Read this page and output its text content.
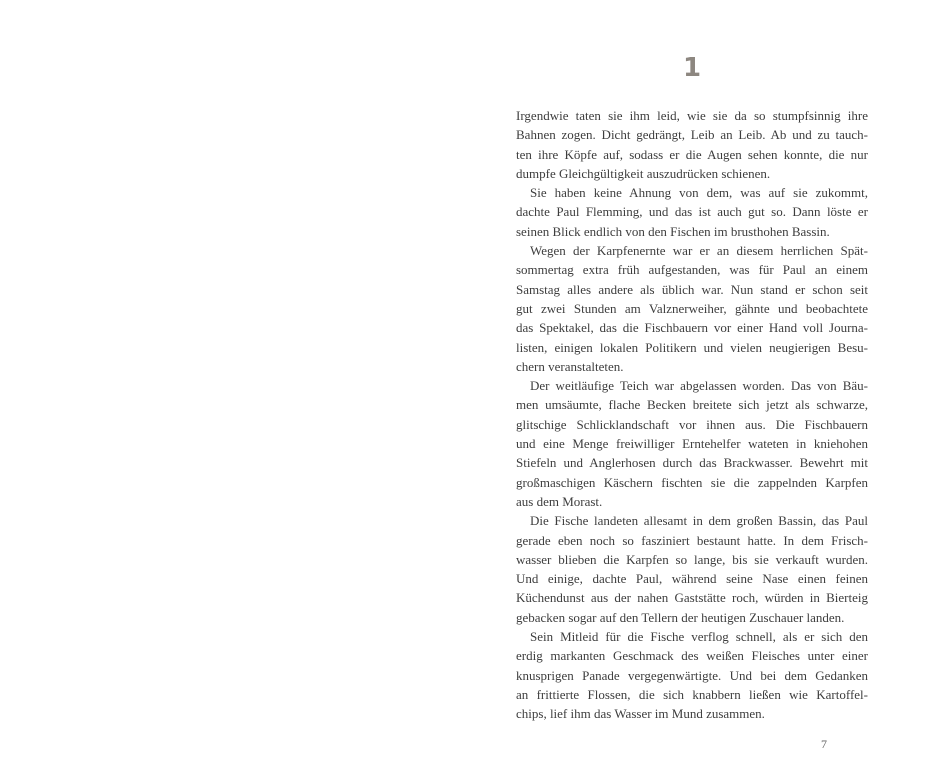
1
Irgendwie taten sie ihm leid, wie sie da so stumpfsinnig ihre
Bahnen zogen. Dicht gedrängt, Leib an Leib. Ab und zu tauch-
ten ihre Köpfe auf, sodass er die Augen sehen konnte, die nur
dumpfe Gleichgültigkeit auszudrücken schienen.
Sie haben keine Ahnung von dem, was auf sie zukommt,
dachte Paul Flemming, und das ist auch gut so. Dann löste er
seinen Blick endlich von den Fischen im brusthohen Bassin.
Wegen der Karpfenernte war er an diesem herrlichen Spät-
sommertag extra früh aufgestanden, was für Paul an einem
Samstag alles andere als üblich war. Nun stand er schon seit
gut zwei Stunden am Valznerweiher, gähnte und beobachtete
das Spektakel, das die Fischbauern vor einer Hand voll Journa-
listen, einigen lokalen Politikern und vielen neugierigen Besu-
chern veranstalteten.
Der weitläufige Teich war abgelassen worden. Das von Bäu-
men umsäumte, flache Becken breitete sich jetzt als schwarze,
glitschige Schlicklandschaft vor ihnen aus. Die Fischbauern
und eine Menge freiwilliger Erntehelfer wateten in kniehohen
Stiefeln und Anglerhosen durch das Brackwasser. Bewehrt mit
großmaschigen Käschern fischten sie die zappelnden Karpfen
aus dem Morast.
Die Fische landeten allesamt in dem großen Bassin, das Paul
gerade eben noch so fasziniert bestaunt hatte. In dem Frisch-
wasser blieben die Karpfen so lange, bis sie verkauft wurden.
Und einige, dachte Paul, während seine Nase einen feinen
Küchendunst aus der nahen Gaststätte roch, würden in Bierteig
gebacken sogar auf den Tellern der heutigen Zuschauer landen.
Sein Mitleid für die Fische verflog schnell, als er sich den
erdig markanten Geschmack des weißen Fleisches unter einer
knusprigen Panade vergegenwärtigte. Und bei dem Gedanken
an frittierte Flossen, die sich knabbern ließen wie Kartoffel-
chips, lief ihm das Wasser im Mund zusammen.
7
